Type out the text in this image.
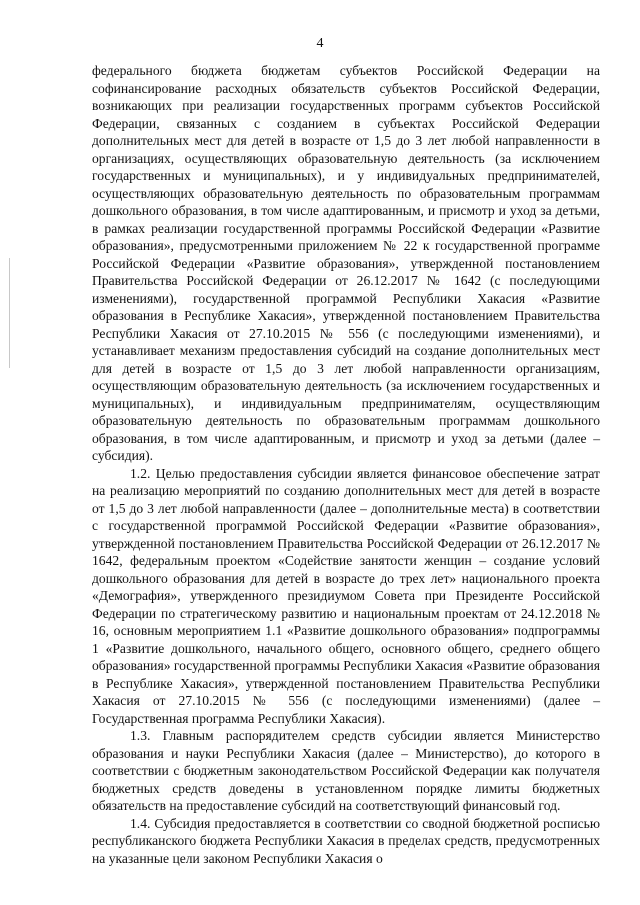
4

федерального бюджета бюджетам субъектов Российской Федерации на софинансирование расходных обязательств субъектов Российской Федерации, возникающих при реализации государственных программ субъектов Российской Федерации, связанных с созданием в субъектах Российской Федерации дополнительных мест для детей в возрасте от 1,5 до 3 лет любой направленности в организациях, осуществляющих образовательную деятельность (за исключением государственных и муниципальных), и у индивидуальных предпринимателей, осуществляющих образовательную деятельность по образовательным программам дошкольного образования, в том числе адаптированным, и присмотр и уход за детьми, в рамках реализации государственной программы Российской Федерации «Развитие образования», предусмотренными приложением № 22 к государственной программе Российской Федерации «Развитие образования», утвержденной постановлением Правительства Российской Федерации от 26.12.2017 № 1642 (с последующими изменениями), государственной программой Республики Хакасия «Развитие образования в Республике Хакасия», утвержденной постановлением Правительства Республики Хакасия от 27.10.2015 № 556 (с последующими изменениями), и устанавливает механизм предоставления субсидий на создание дополнительных мест для детей в возрасте от 1,5 до 3 лет любой направленности организациям, осуществляющим образовательную деятельность (за исключением государственных и муниципальных), и индивидуальным предпринимателям, осуществляющим образовательную деятельность по образовательным программам дошкольного образования, в том числе адаптированным, и присмотр и уход за детьми (далее – субсидия).

1.2. Целью предоставления субсидии является финансовое обеспечение затрат на реализацию мероприятий по созданию дополнительных мест для детей в возрасте от 1,5 до 3 лет любой направленности (далее – дополнительные места) в соответствии с государственной программой Российской Федерации «Развитие образования», утвержденной постановлением Правительства Российской Федерации от 26.12.2017 № 1642, федеральным проектом «Содействие занятости женщин – создание условий дошкольного образования для детей в возрасте до трех лет» национального проекта «Демография», утвержденного президиумом Совета при Президенте Российской Федерации по стратегическому развитию и национальным проектам от 24.12.2018 № 16, основным мероприятием 1.1 «Развитие дошкольного образования» подпрограммы 1 «Развитие дошкольного, начального общего, основного общего, среднего общего образования» государственной программы Республики Хакасия «Развитие образования в Республике Хакасия», утвержденной постановлением Правительства Республики Хакасия от 27.10.2015 № 556 (с последующими изменениями) (далее – Государственная программа Республики Хакасия).

1.3. Главным распорядителем средств субсидии является Министерство образования и науки Республики Хакасия (далее – Министерство), до которого в соответствии с бюджетным законодательством Российской Федерации как получателя бюджетных средств доведены в установленном порядке лимиты бюджетных обязательств на предоставление субсидий на соответствующий финансовый год.

1.4. Субсидия предоставляется в соответствии со сводной бюджетной росписью республиканского бюджета Республики Хакасия в пределах средств, предусмотренных на указанные цели законом Республики Хакасия о
